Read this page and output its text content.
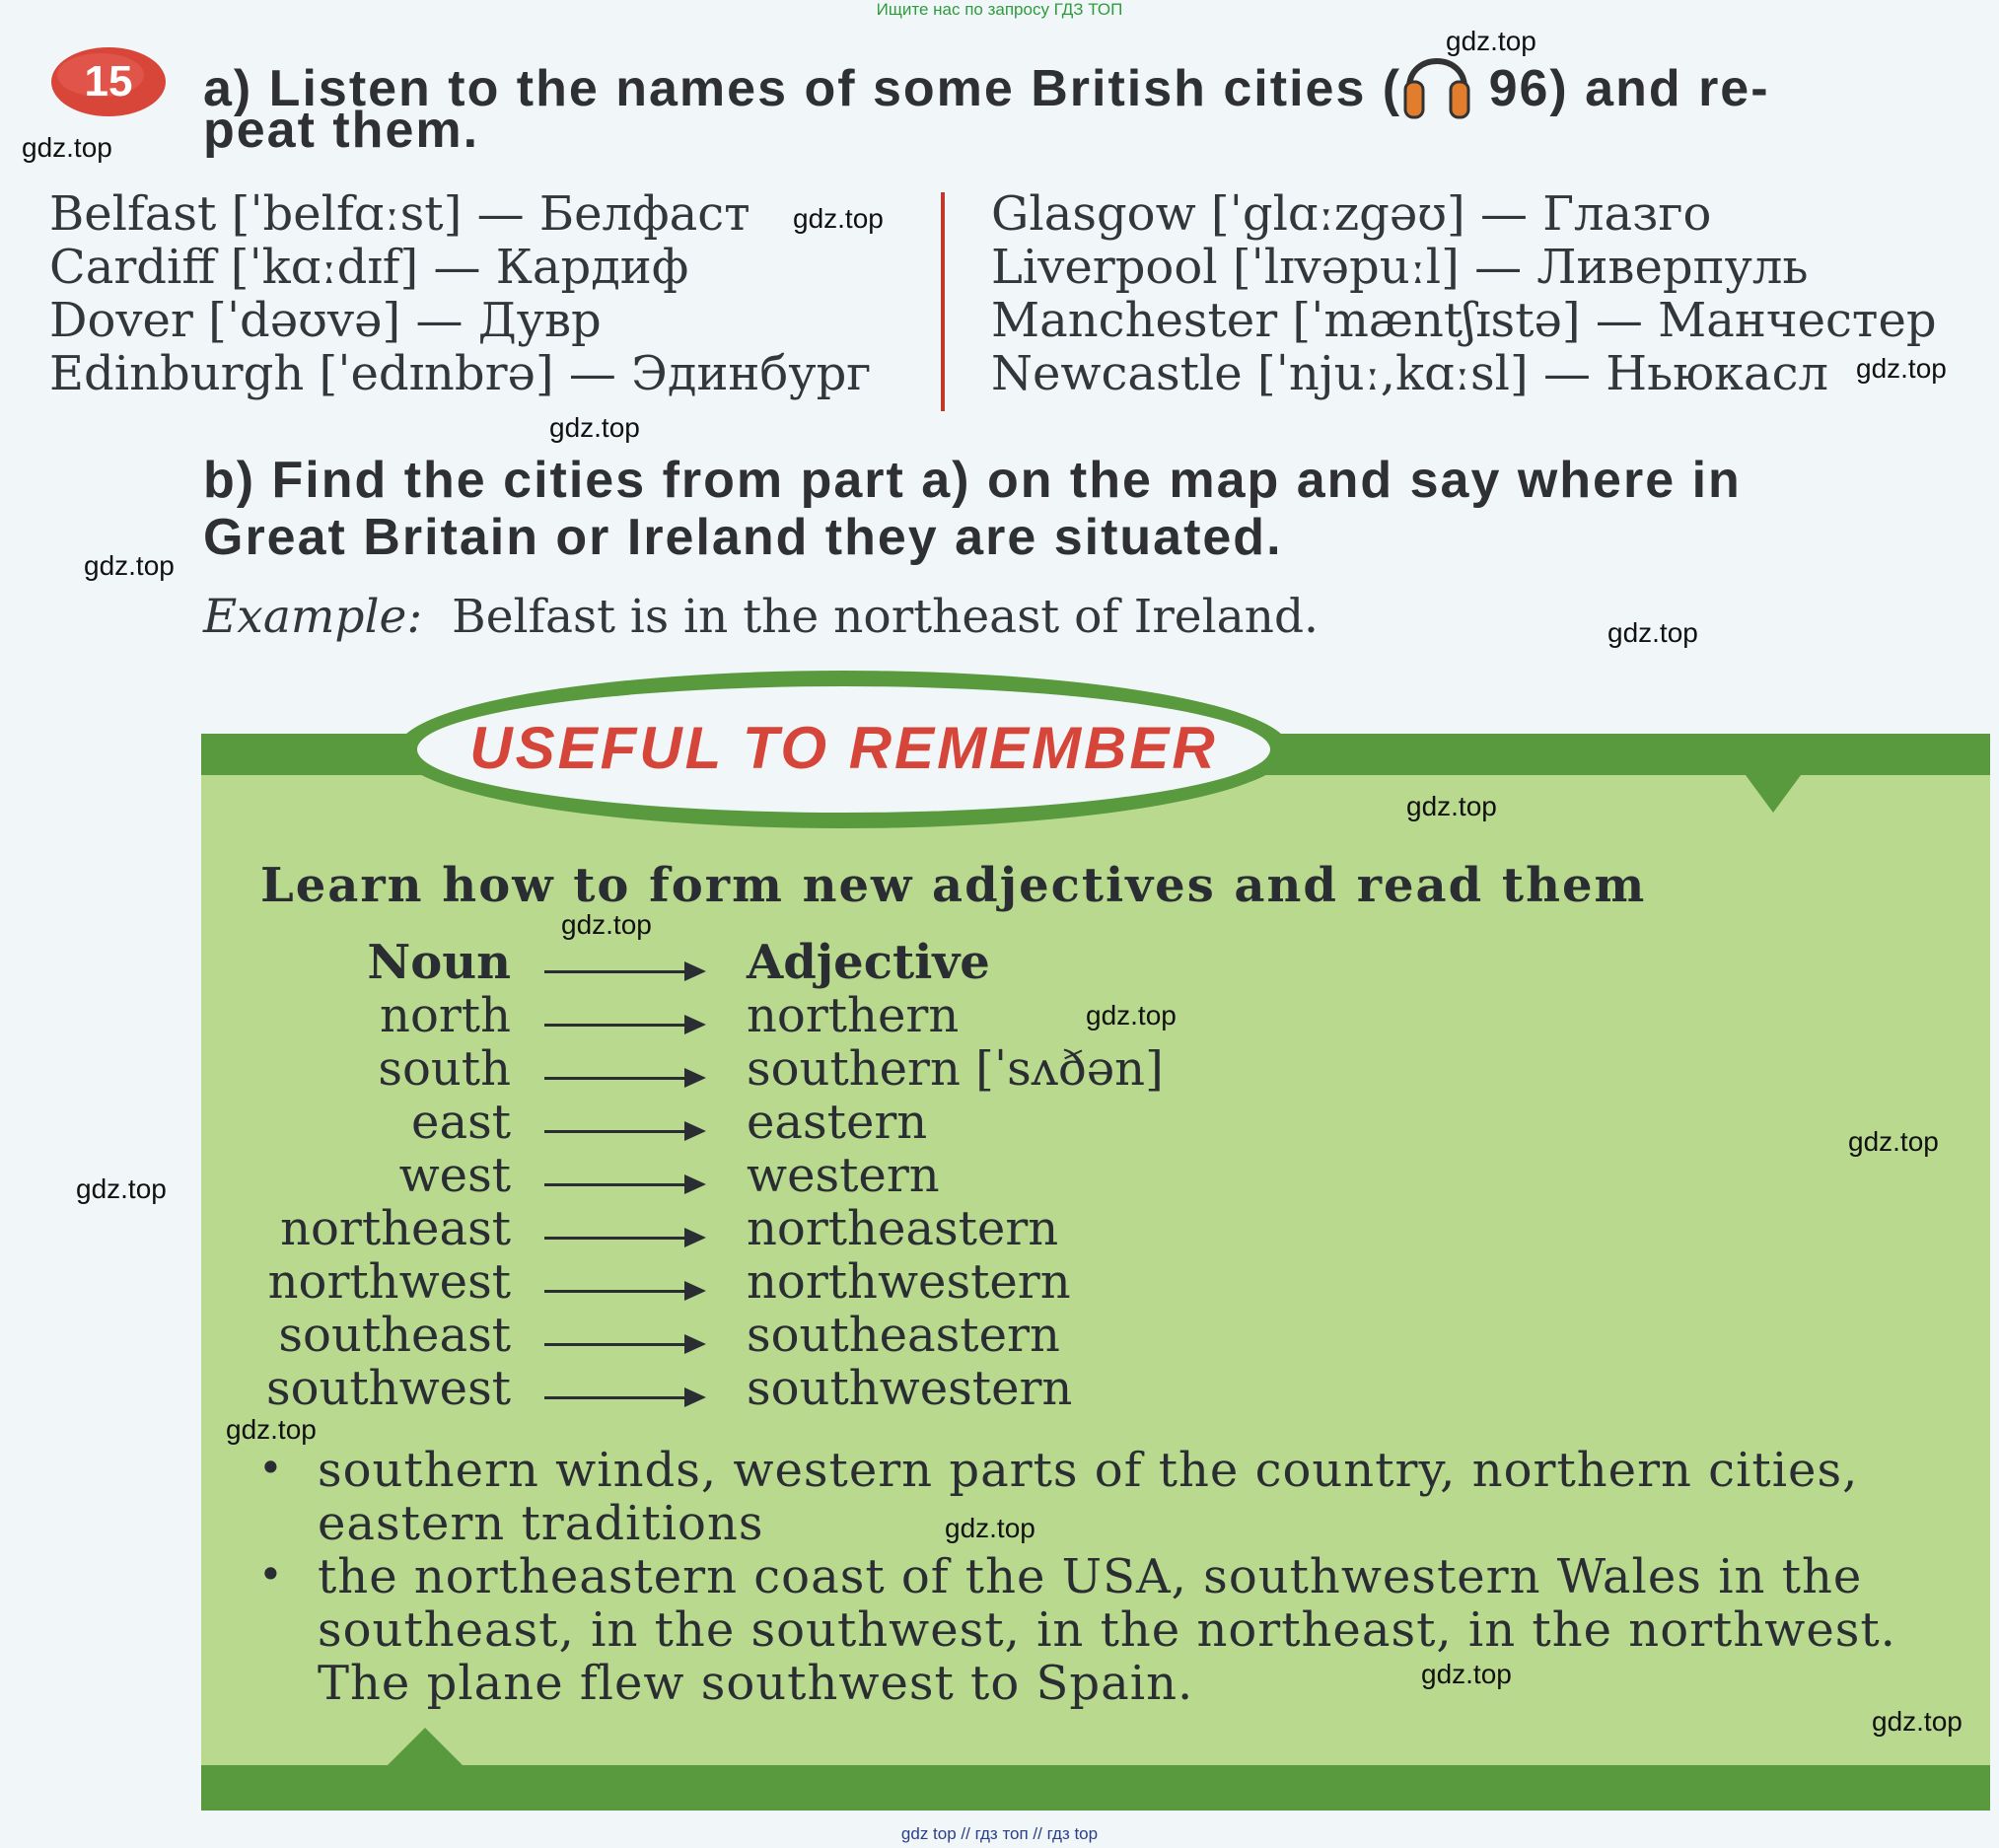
Ищите нас по запросу ГДЗ ТОП
gdz top // гдз топ // гдз top
15 a) Listen to the names of some British cities ( 96) and re-
peat them.
Belfast [ˈbelfɑːst] — Белфаст
Cardiff [ˈkɑːdɪf] — Кардиф
Dover [ˈdəʊvə] — Дувр
Edinburgh [ˈedɪnbrə] — Эдинбург
Glasgow [ˈglɑːzgəʊ] — Глазго
Liverpool [ˈlɪvəpuːl] — Ливерпуль
Manchester [ˈmæntʃɪstə] — Манчестер
Newcastle [ˈnjuː,kɑːsl] — Ньюкасл
b) Find the cities from part a) on the map and say where in
Great Britain or Ireland they are situated.
Example: Belfast is in the northeast of Ireland.
USEFUL TO REMEMBER
Learn how to form new adjectives and read them
Noun	Adjective
north	northern
south	southern [ˈsʌðən]
east	eastern
west	western
northeast	northeastern
northwest	northwestern
southeast	southeastern
southwest	southwestern
• southern winds, western parts of the country, northern cities,
eastern traditions
• the northeastern coast of the USA, southwestern Wales in the
southeast, in the southwest, in the northeast, in the northwest.
The plane flew southwest to Spain.
gdz.top
gdz.top
gdz.top
gdz.top
gdz.top
gdz.top
gdz.top
gdz.top
gdz.top
gdz.top
gdz.top
gdz.top
gdz.top
gdz.top
gdz.top
gdz.top
